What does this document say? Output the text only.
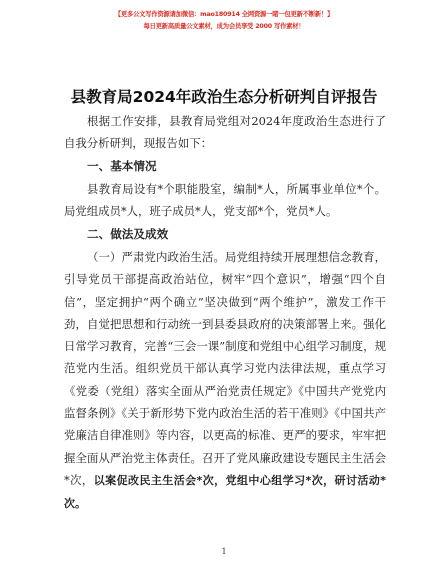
【更多公文写作资源请加微信：mao180914 全网资源一睹一包更新不断新！】
每日更新高质量公文素材，成为会员享受 2000 写作素材！
县教育局2024年政治生态分析研判自评报告

根据工作安排，县教育局党组对2024年度政治生态进行了自我分析研判，现报告如下：

一、基本情况

县教育局设有*个职能股室，编制*人，所属事业单位*个。局党组成员*人，班子成员*人，党支部*个，党员*人。

二、做法及成效

（一）严肃党内政治生活。局党组持续开展理想信念教育，引导党员干部提高政治站位，树牢“四个意识”，增强“四个自信”，坚定拥护“两个确立”坚决做到“两个维护”，激发工作干劲，自觉把思想和行动统一到县委县政府的决策部署上来。强化日常学习教育，完善“三会一课”制度和党组中心组学习制度，规范党内生活。组织党员干部认真学习党内法律法规，重点学习《党委（党组）落实全面从严治党责任规定》《中国共产党党内监督条例》《关于新形势下党内政治生活的若干准则》《中国共产党廉洁自律准则》等内容，以更高的标准、更严的要求，牢牢把握全面从严治党主体责任。召开了党风廉政建设专题民主生活会*次，以案促改民主生活会*次，党组中心组学习*次，研讨活动*次。

1
